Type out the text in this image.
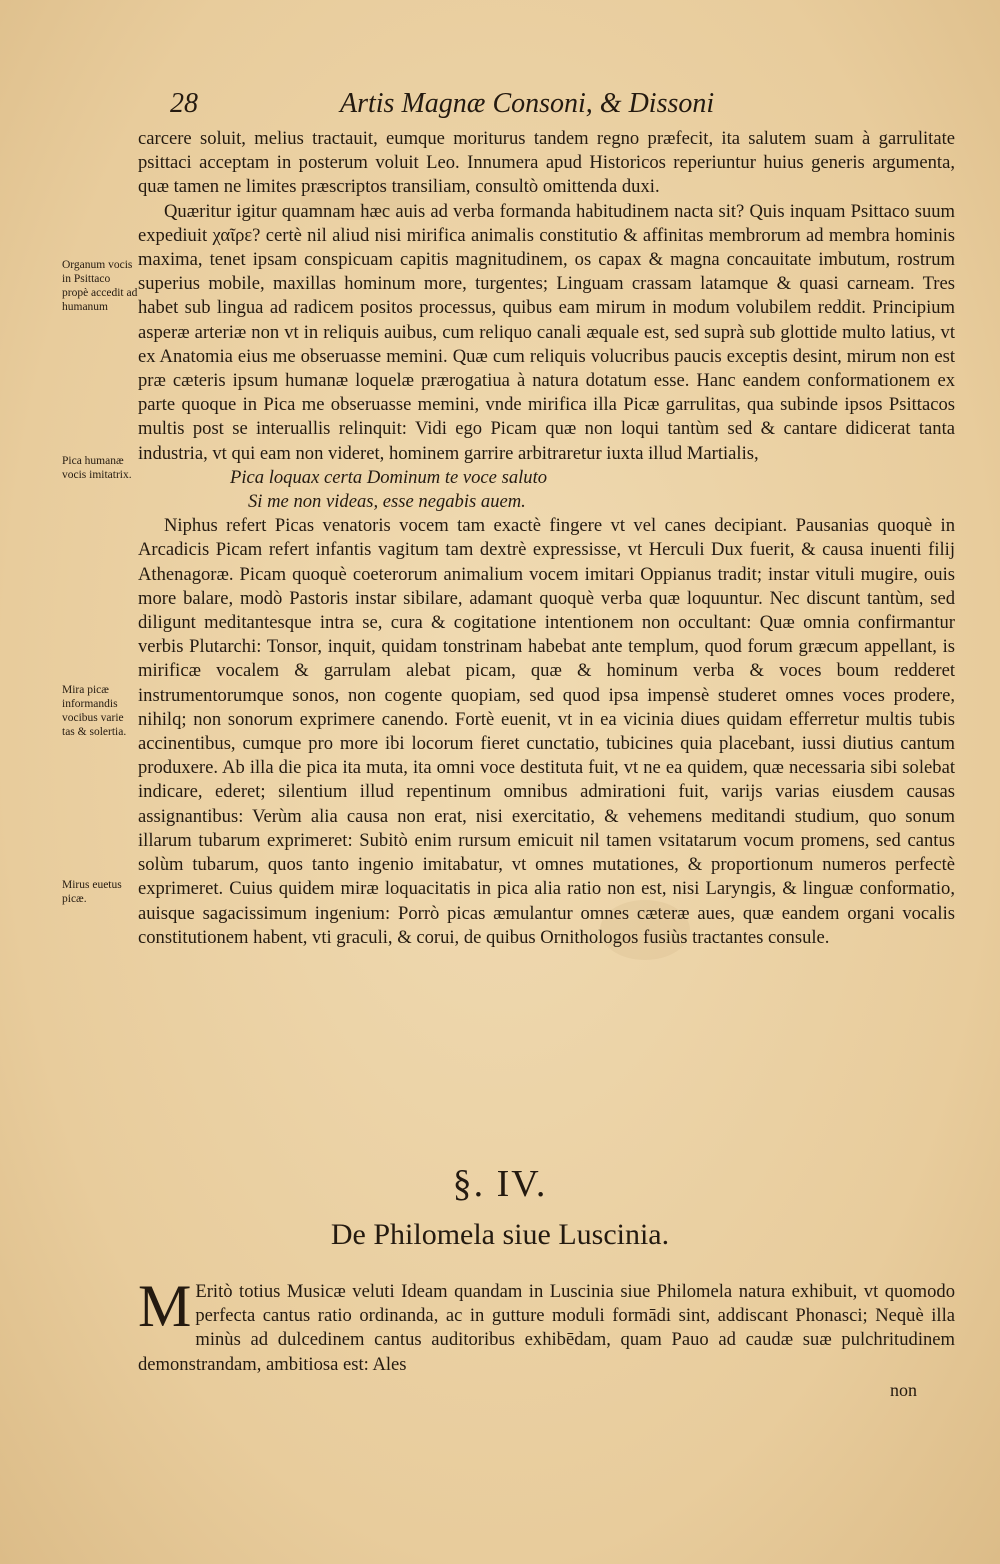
28	Artis Magnæ Consoni, & Dissoni
Organum vocis in Psittaco propè accedit ad humanum
Pica humanæ vocis imitatrix.
Mira picæ informandis vocibus varie tas & solertia.
Mirus euetus picæ.

carcere soluit, melius tractauit, eumque moriturus tandem regno præfecit, ita salutem suam à garrulitate psittaci acceptam in posterum voluit Leo. Innumera apud Historicos reperiuntur huius generis argumenta, quæ tamen ne limites præscriptos transiliam, consultò omittenda duxi.

Quæritur igitur quamnam hæc auis ad verba formanda habitudinem nacta sit? Quis inquam Psittaco suum expediuit χαῖρε? certè nil aliud nisi mirifica animalis constitutio & affinitas membrorum ad membra hominis maxima, tenet ipsam conspicuam capitis magnitudinem, os capax & magna concauitate imbutum, rostrum superius mobile, maxillas hominum more, turgentes; Linguam crassam latamque & quasi carneam. Tres habet sub lingua ad radicem positos processus, quibus eam mirum in modum volubilem reddit. Principium asperæ arteriæ non vt in reliquis auibus, cum reliquo canali æquale est, sed suprà sub glottide multo latius, vt ex Anatomia eius me obseruasse memini. Quæ cum reliquis volucribus paucis exceptis desint, mirum non est præ cæteris ipsum humanæ loquelæ prærogatiua à natura dotatum esse. Hanc eandem conformationem ex parte quoque in Pica me obseruasse memini, vnde mirifica illa Picæ garrulitas, qua subinde ipsos Psittacos multis post se interuallis relinquit: Vidi ego Picam quæ non loqui tantùm sed & cantare didicerat tanta industria, vt qui eam non videret, hominem garrire arbitraretur iuxta illud Martialis,

Pica loquax certa Dominum te voce saluto

Si me non videas, esse negabis auem.

Niphus refert Picas venatoris vocem tam exactè fingere vt vel canes decipiant. Pausanias quoquè in Arcadicis Picam refert infantis vagitum tam dextrè expressisse, vt Herculi Dux fuerit, & causa inuenti filij Athenagoræ. Picam quoquè coeterorum animalium vocem imitari Oppianus tradit; instar vituli mugire, ouis more balare, modò Pastoris instar sibilare, adamant quoquè verba quæ loquuntur. Nec discunt tantùm, sed diligunt meditantesque intra se, cura & cogitatione intentionem non occultant: Quæ omnia confirmantur verbis Plutarchi: Tonsor, inquit, quidam tonstrinam habebat ante templum, quod forum græcum appellant, is mirificæ vocalem & garrulam alebat picam, quæ & hominum verba & voces boum redderet instrumentorumque sonos, non cogente quopiam, sed quod ipsa impensè studeret omnes voces prodere, nihilq; non sonorum exprimere canendo. Fortè euenit, vt in ea vicinia diues quidam efferretur multis tubis accinentibus, cumque pro more ibi locorum fieret cunctatio, tubicines quia placebant, iussi diutius cantum produxere. Ab illa die pica ita muta, ita omni voce destituta fuit, vt ne ea quidem, quæ necessaria sibi solebat indicare, ederet; silentium illud repentinum omnibus admirationi fuit, varijs varias eiusdem causas assignantibus: Verùm alia causa non erat, nisi exercitatio, & vehemens meditandi studium, quo sonum illarum tubarum exprimeret: Subitò enim rursum emicuit nil tamen vsitatarum vocum promens, sed cantus solùm tubarum, quos tanto ingenio imitabatur, vt omnes mutationes, & proportionum numeros perfectè exprimeret. Cuius quidem miræ loquacitatis in pica alia ratio non est, nisi Laryngis, & linguæ conformatio, auisque sagacissimum ingenium: Porrò picas æmulantur omnes cæteræ aues, quæ eandem organi vocalis constitutionem habent, vti graculi, & corui, de quibus Ornithologos fusiùs tractantes consule.

§. IV.
De Philomela siue Luscinia.
M Eritò totius Musicæ veluti Ideam quandam in Luscinia siue Philomela natura exhibuit, vt quomodo perfecta cantus ratio ordinanda, ac in gutture moduli formādi sint, addiscant Phonasci; Nequè illa minùs ad dulcedinem cantus auditoribus exhibēdam, quam Pauo ad caudæ suæ pulchritudinem demonstrandam, ambitiosa est: Ales

non
